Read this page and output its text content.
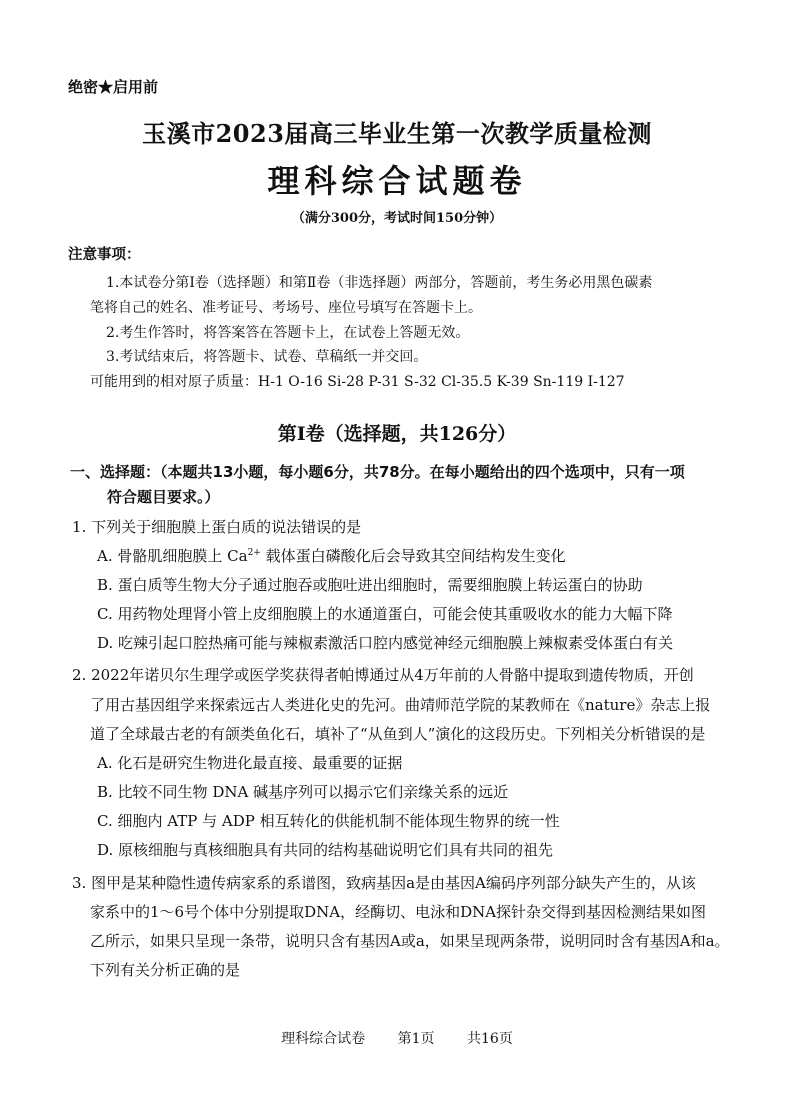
绝密★启用前
玉溪市2023届高三毕业生第一次教学质量检测
理科综合试题卷
（满分300分，考试时间150分钟）
注意事项：
1.本试卷分第Ⅰ卷（选择题）和第Ⅱ卷（非选择题）两部分，答题前，考生务必用黑色碳素
笔将自己的姓名、准考证号、考场号、座位号填写在答题卡上。
2.考生作答时，将答案答在答题卡上，在试卷上答题无效。
3.考试结束后，将答题卡、试卷、草稿纸一并交回。
可能用到的相对原子质量：H-1 O-16 Si-28 P-31 S-32 Cl-35.5 K-39 Sn-119 I-127
第Ⅰ卷（选择题，共126分）
一、选择题：（本题共13小题，每小题6分，共78分。在每小题给出的四个选项中，只有一项
符合题目要求。）
1. 下列关于细胞膜上蛋白质的说法错误的是
A. 骨骼肌细胞膜上 $Ca^{2+}$ 载体蛋白磷酸化后会导致其空间结构发生变化
B. 蛋白质等生物大分子通过胞吞或胞吐进出细胞时，需要细胞膜上转运蛋白的协助
C. 用药物处理肾小管上皮细胞膜上的水通道蛋白，可能会使其重吸收水的能力大幅下降
D. 吃辣引起口腔热痛可能与辣椒素激活口腔内感觉神经元细胞膜上辣椒素受体蛋白有关
2. 2022年诺贝尔生理学或医学奖获得者帕博通过从4万年前的人骨骼中提取到遗传物质，开创
了用古基因组学来探索远古人类进化史的先河。曲靖师范学院的某教师在《nature》杂志上报
道了全球最古老的有颌类鱼化石，填补了“从鱼到人”演化的这段历史。下列相关分析错误的是
A. 化石是研究生物进化最直接、最重要的证据
B. 比较不同生物 DNA 碱基序列可以揭示它们亲缘关系的远近
C. 细胞内 ATP 与 ADP 相互转化的供能机制不能体现生物界的统一性
D. 原核细胞与真核细胞具有共同的结构基础说明它们具有共同的祖先
3. 图甲是某种隐性遗传病家系的系谱图，致病基因a是由基因A编码序列部分缺失产生的，从该
家系中的1～6号个体中分别提取DNA，经酶切、电泳和DNA探针杂交得到基因检测结果如图
乙所示，如果只呈现一条带，说明只含有基因A或a，如果呈现两条带，说明同时含有基因A和a。
下列有关分析正确的是
理科综合试卷 第1页 共16页
